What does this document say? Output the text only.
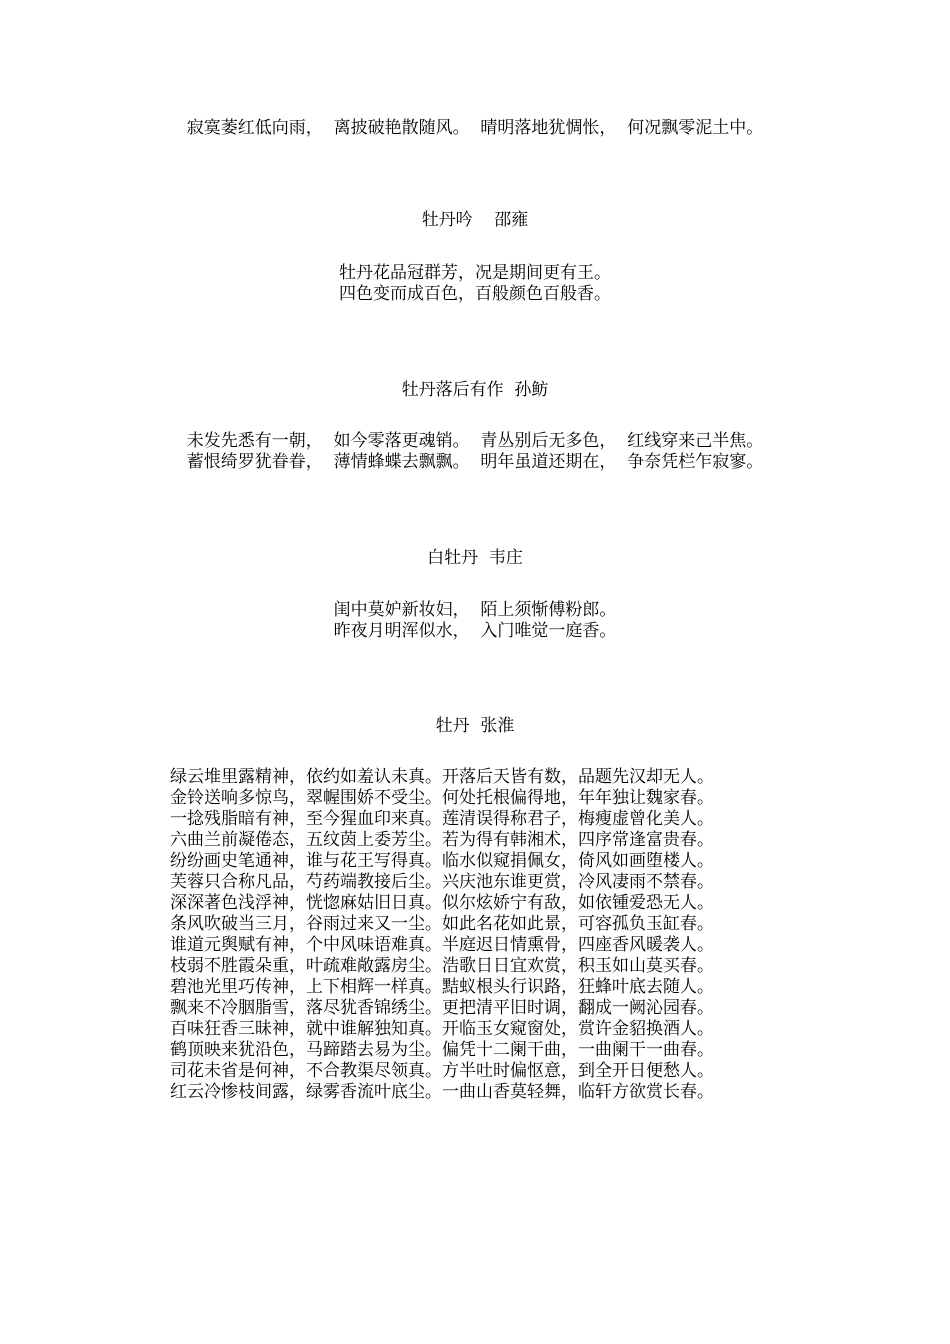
寂寞萎红低向雨，  离披破艳散随风。  晴明落地犹惆怅，  何况飘零泥土中。
牡丹吟    邵雍
牡丹花品冠群芳，况是期间更有王。
四色变而成百色，百般颜色百般香。
牡丹落后有作  孙鲂
未发先悉有一朝，  如今零落更魂销。  青丛别后无多色，  红线穿来己半焦。
蓄恨绮罗犹眷眷，  薄情蜂蝶去飘飘。  明年虽道还期在，  争奈凭栏乍寂寥。
白牡丹  韦庄
闺中莫妒新妆妇，  陌上须惭傅粉郎。
昨夜月明浑似水，  入门唯觉一庭香。
牡丹  张淮
绿云堆里露精神，依约如羞认未真。开落后天皆有数，品题先汉却无人。
金铃送响多惊鸟，翠幄围娇不受尘。何处托根偏得地，年年独让魏家春。
一捻残脂暗有神，至今猩血印来真。莲清误得称君子，梅瘦虚曾化美人。
六曲兰前凝倦态，五纹茵上委芳尘。若为得有韩湘术，四序常逢富贵春。
纷纷画史笔通神，谁与花王写得真。临水似窥捐佩女，倚风如画堕楼人。
芙蓉只合称凡品，芍药端教接后尘。兴庆池东谁更赏，冷风凄雨不禁春。
深深著色浅浮神，恍惚麻姑旧日真。似尔炫娇宁有敌，如依锺爱恐无人。
条风吹破当三月，谷雨过来又一尘。如此名花如此景，可容孤负玉缸春。
谁道元舆赋有神，个中风味语难真。半庭迟日情熏骨，四座香风暖袭人。
枝弱不胜霞朵重，叶疏难敞露房尘。浩歌日日宜欢赏，积玉如山莫买春。
碧池光里巧传神，上下相辉一样真。黠蚁根头行识路，狂蜂叶底去随人。
飘来不冷胭脂雪，落尽犹香锦绣尘。更把清平旧时调，翻成一阙沁园春。
百味狂香三昧神，就中谁解独知真。开临玉女窥窗处，赏许金貂换酒人。
鹤顶映来犹沿色，马蹄踏去易为尘。偏凭十二阑干曲，一曲阑干一曲春。
司花未省是何神，不合教渠尽领真。方半吐时偏怄意，到全开日便愁人。
红云冷惨枝间露，绿雾香流叶底尘。一曲山香莫轻舞，临轩方欲赏长春。
